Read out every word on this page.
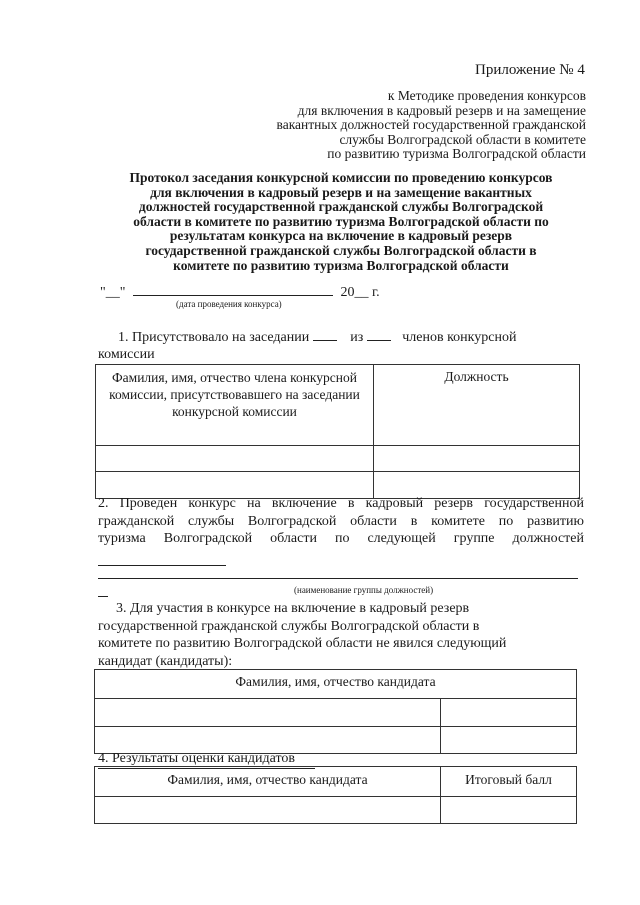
Приложение № 4
к Методике проведения конкурсов
для включения в кадровый резерв и на замещение
вакантных должностей государственной гражданской
службы Волгоградской области в комитете
по развитию туризма Волгоградской области
Протокол заседания конкурсной комиссии по проведению конкурсов
для включения в кадровый резерв и на замещение вакантных
должностей государственной гражданской службы Волгоградской
области в комитете по развитию туризма Волгоградской области по
результатам конкурса на включение в кадровый резерв
государственной гражданской службы Волгоградской области в
комитете по развитию туризма Волгоградской области
"__"	20__ г.
(дата проведения конкурса)
1. Присутствовало на заседании	из	членов конкурсной
комиссии
Фамилия, имя, отчество члена конкурсной комиссии, присутствовавшего на заседании конкурсной комиссии	Должность

2. Проведен конкурс на включение в кадровый резерв государственной
гражданской службы Волгоградской области в комитете по развитию
туризма Волгоградской области по следующей группе должностей
(наименование группы должностей)
3. Для участия в конкурсе на включение в кадровый резерв
государственной гражданской службы Волгоградской области в
комитете по развитию Волгоградской области не явился следующий
кандидат (кандидаты):
Фамилия, имя, отчество кандидата	

4. Результаты оценки кандидатов
Фамилия, имя, отчество кандидата	Итоговый балл
